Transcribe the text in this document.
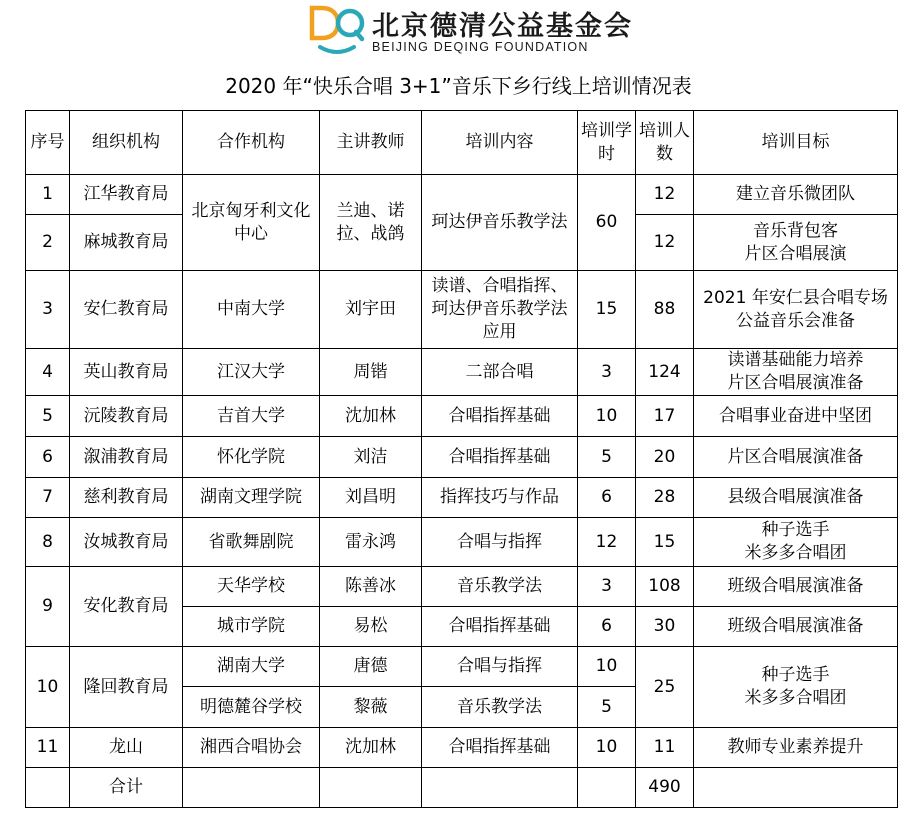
北京德清公益基金会
BEIJING DEQING FOUNDATION
2020 年“快乐合唱 3+1”音乐下乡行线上培训情况表
序号	组织机构	合作机构	主讲教师	培训内容	培训学时	培训人数	培训目标
1	江华教育局	北京匈牙利文化中心	兰迪、诺拉、战鸽	珂达伊音乐教学法	60	12	建立音乐微团队
2	麻城教育局					12	音乐背包客
片区合唱展演
3	安仁教育局	中南大学	刘宇田	读谱、合唱指挥、珂达伊音乐教学法应用	15	88	2021 年安仁县合唱专场公益音乐会准备
4	英山教育局	江汉大学	周锴	二部合唱	3	124	读谱基础能力培养
片区合唱展演准备
5	沅陵教育局	吉首大学	沈加林	合唱指挥基础	10	17	合唱事业奋进中坚团
6	溆浦教育局	怀化学院	刘洁	合唱指挥基础	5	20	片区合唱展演准备
7	慈利教育局	湖南文理学院	刘昌明	指挥技巧与作品	6	28	县级合唱展演准备
8	汝城教育局	省歌舞剧院	雷永鸿	合唱与指挥	12	15	种子选手
米多多合唱团
9	安化教育局	天华学校	陈善冰	音乐教学法	3	108	班级合唱展演准备
		城市学院	易松	合唱指挥基础	6	30	班级合唱展演准备
10	隆回教育局	湖南大学	唐德	合唱与指挥	10	25	种子选手
米多多合唱团
		明德麓谷学校	黎薇	音乐教学法	5		
11	龙山	湘西合唱协会	沈加林	合唱指挥基础	10	11	教师专业素养提升
	合计					490	
